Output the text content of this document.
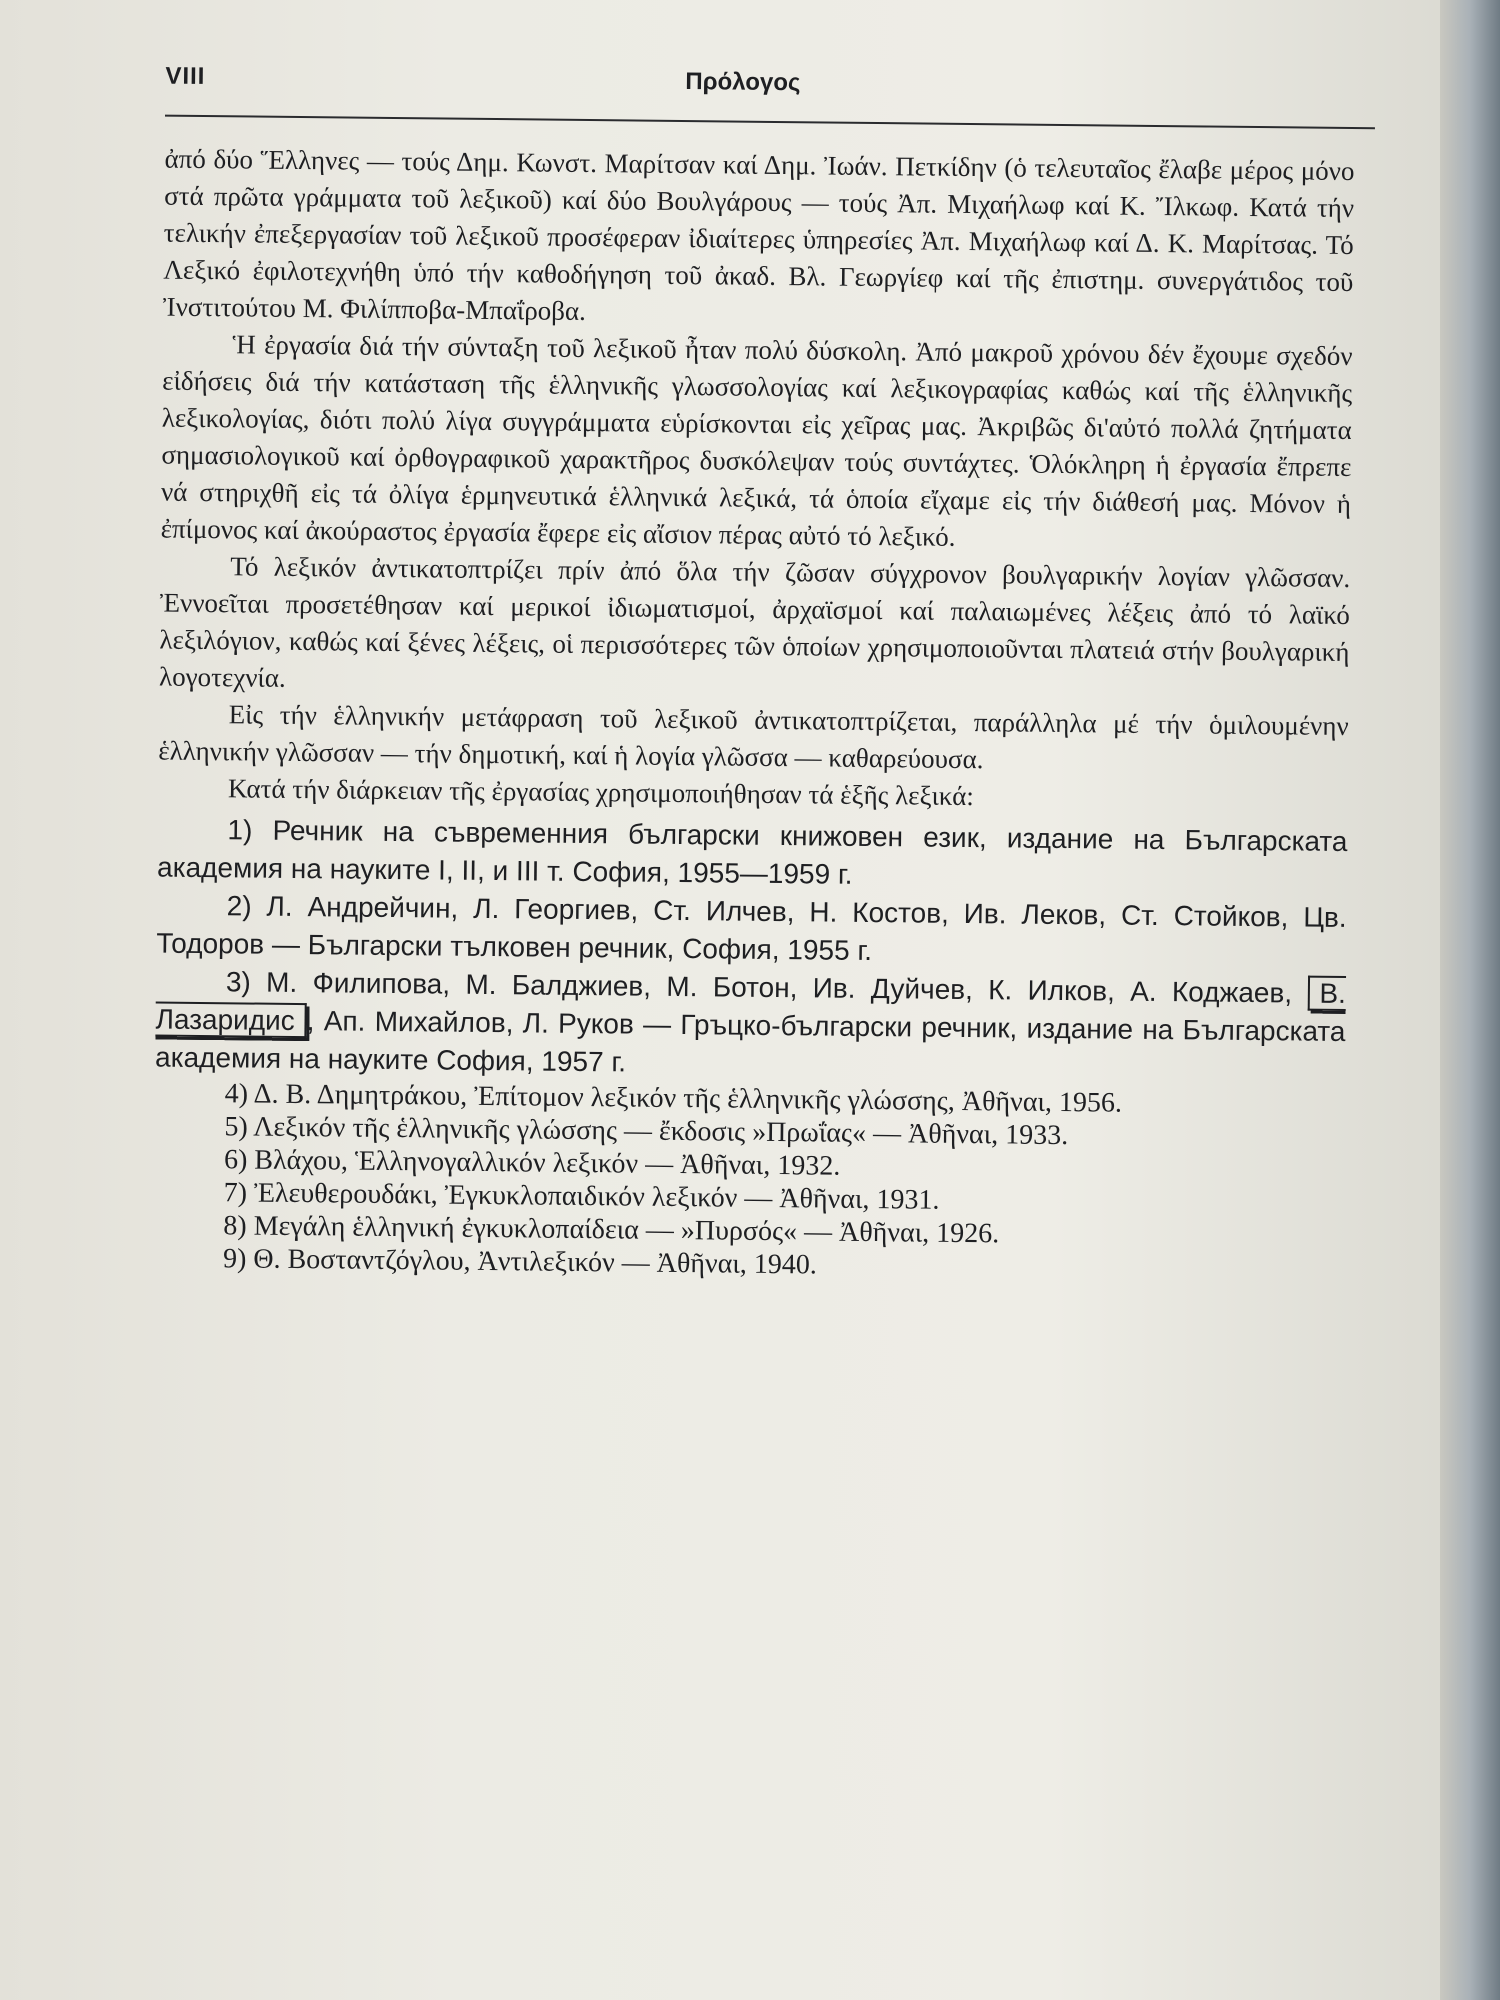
VIII	Πρόλογος

ἀπό δύο Ἕλληνες — τούς Δημ. Κωνστ. Μαρίτσαν καί Δημ. Ἰωάν. Πετκίδην (ὁ τελευταῖος ἔλαβε μέρος μόνο στά πρῶτα γράμματα τοῦ λεξικοῦ) καί δύο Βουλγάρους — τούς Ἀπ. Μιχαήλωφ καί Κ. Ἴλκωφ. Κατά τήν τελικήν ἐπεξεργασίαν τοῦ λεξικοῦ προσέφεραν ἰδιαίτερες ὑπηρεσίες Ἀπ. Μιχαήλωφ καί Δ. Κ. Μαρίτσας. Τό Λεξικό ἐφιλοτεχνήθη ὑπό τήν καθοδήγηση τοῦ ἀκαδ. Βλ. Γεωργίεφ καί τῆς ἐπιστημ. συνεργάτιδος τοῦ Ἰνστιτούτου Μ. Φιλίπποβα-Μπαΐροβα.

Ἡ ἐργασία διά τήν σύνταξη τοῦ λεξικοῦ ἦταν πολύ δύσκολη. Ἀπό μακροῦ χρόνου δέν ἔχουμε σχεδόν εἰδήσεις διά τήν κατάσταση τῆς ἑλληνικῆς γλωσσολογίας καί λεξικογραφίας καθώς καί τῆς ἑλληνικῆς λεξικολογίας, διότι πολύ λίγα συγγράμματα εὑρίσκονται εἰς χεῖρας μας. Ἀκριβῶς δι'αὐτό πολλά ζητήματα σημασιολογικοῦ καί ὀρθογραφικοῦ χαρακτῆρος δυσκόλεψαν τούς συντάχτες. Ὁλόκληρη ἡ ἐργασία ἔπρεπε νά στηριχθῆ εἰς τά ὀλίγα ἑρμηνευτικά ἑλληνικά λεξικά, τά ὁποία εἴχαμε εἰς τήν διάθεσή μας. Μόνον ἡ ἐπίμονος καί ἀκούραστος ἐργασία ἔφερε εἰς αἴσιον πέρας αὐτό τό λεξικό.

Τό λεξικόν ἀντικατοπτρίζει πρίν ἀπό ὅλα τήν ζῶσαν σύγχρονον βουλγαρικήν λογίαν γλῶσσαν. Ἐννοεῖται προσετέθησαν καί μερικοί ἰδιωματισμοί, ἀρχαϊσμοί καί παλαιωμένες λέξεις ἀπό τό λαϊκό λεξιλόγιον, καθώς καί ξένες λέξεις, οἱ περισσότερες τῶν ὁποίων χρησιμοποιοῦνται πλατειά στήν βουλγαρική λογοτεχνία.

Εἰς τήν ἑλληνικήν μετάφραση τοῦ λεξικοῦ ἀντικατοπτρίζεται, παράλληλα μέ τήν ὁμιλουμένην ἑλληνικήν γλῶσσαν — τήν δημοτική, καί ἡ λογία γλῶσσα — καθαρεύουσα.

Κατά τήν διάρκειαν τῆς ἐργασίας χρησιμοποιήθησαν τά ἑξῆς λεξικά:

1) Речник на съвременния български книжовен език, издание на Българската академия на науките I, II, и III т. София, 1955—1959 г.

2) Л. Андрейчин, Л. Георгиев, Ст. Илчев, Н. Костов, Ив. Леков, Ст. Стойков, Цв. Тодоров — Български тълковен речник, София, 1955 г.

3) М. Филипова, М. Балджиев, М. Ботон, Ив. Дуйчев, К. Илков, А. Коджаев, В. Лазаридис , Ап. Михайлов, Л. Руков — Гръцко-български речник, издание на Българската академия на науките София, 1957 г.

4) Δ. Β. Δημητράκου, Ἐπίτομον λεξικόν τῆς ἑλληνικῆς γλώσσης, Ἀθῆναι, 1956.

5) Λεξικόν τῆς ἑλληνικῆς γλώσσης — ἔκδοσις »Πρωΐας« — Ἀθῆναι, 1933.

6) Βλάχου, Ἑλληνογαλλικόν λεξικόν — Ἀθῆναι, 1932.

7) Ἐλευθερουδάκι, Ἐγκυκλοπαιδικόν λεξικόν — Ἀθῆναι, 1931.

8) Μεγάλη ἑλληνική ἐγκυκλοπαίδεια — »Πυρσός« — Ἀθῆναι, 1926.

9) Θ. Βοσταντζόγλου, Ἀντιλεξικόν — Ἀθῆναι, 1940.
